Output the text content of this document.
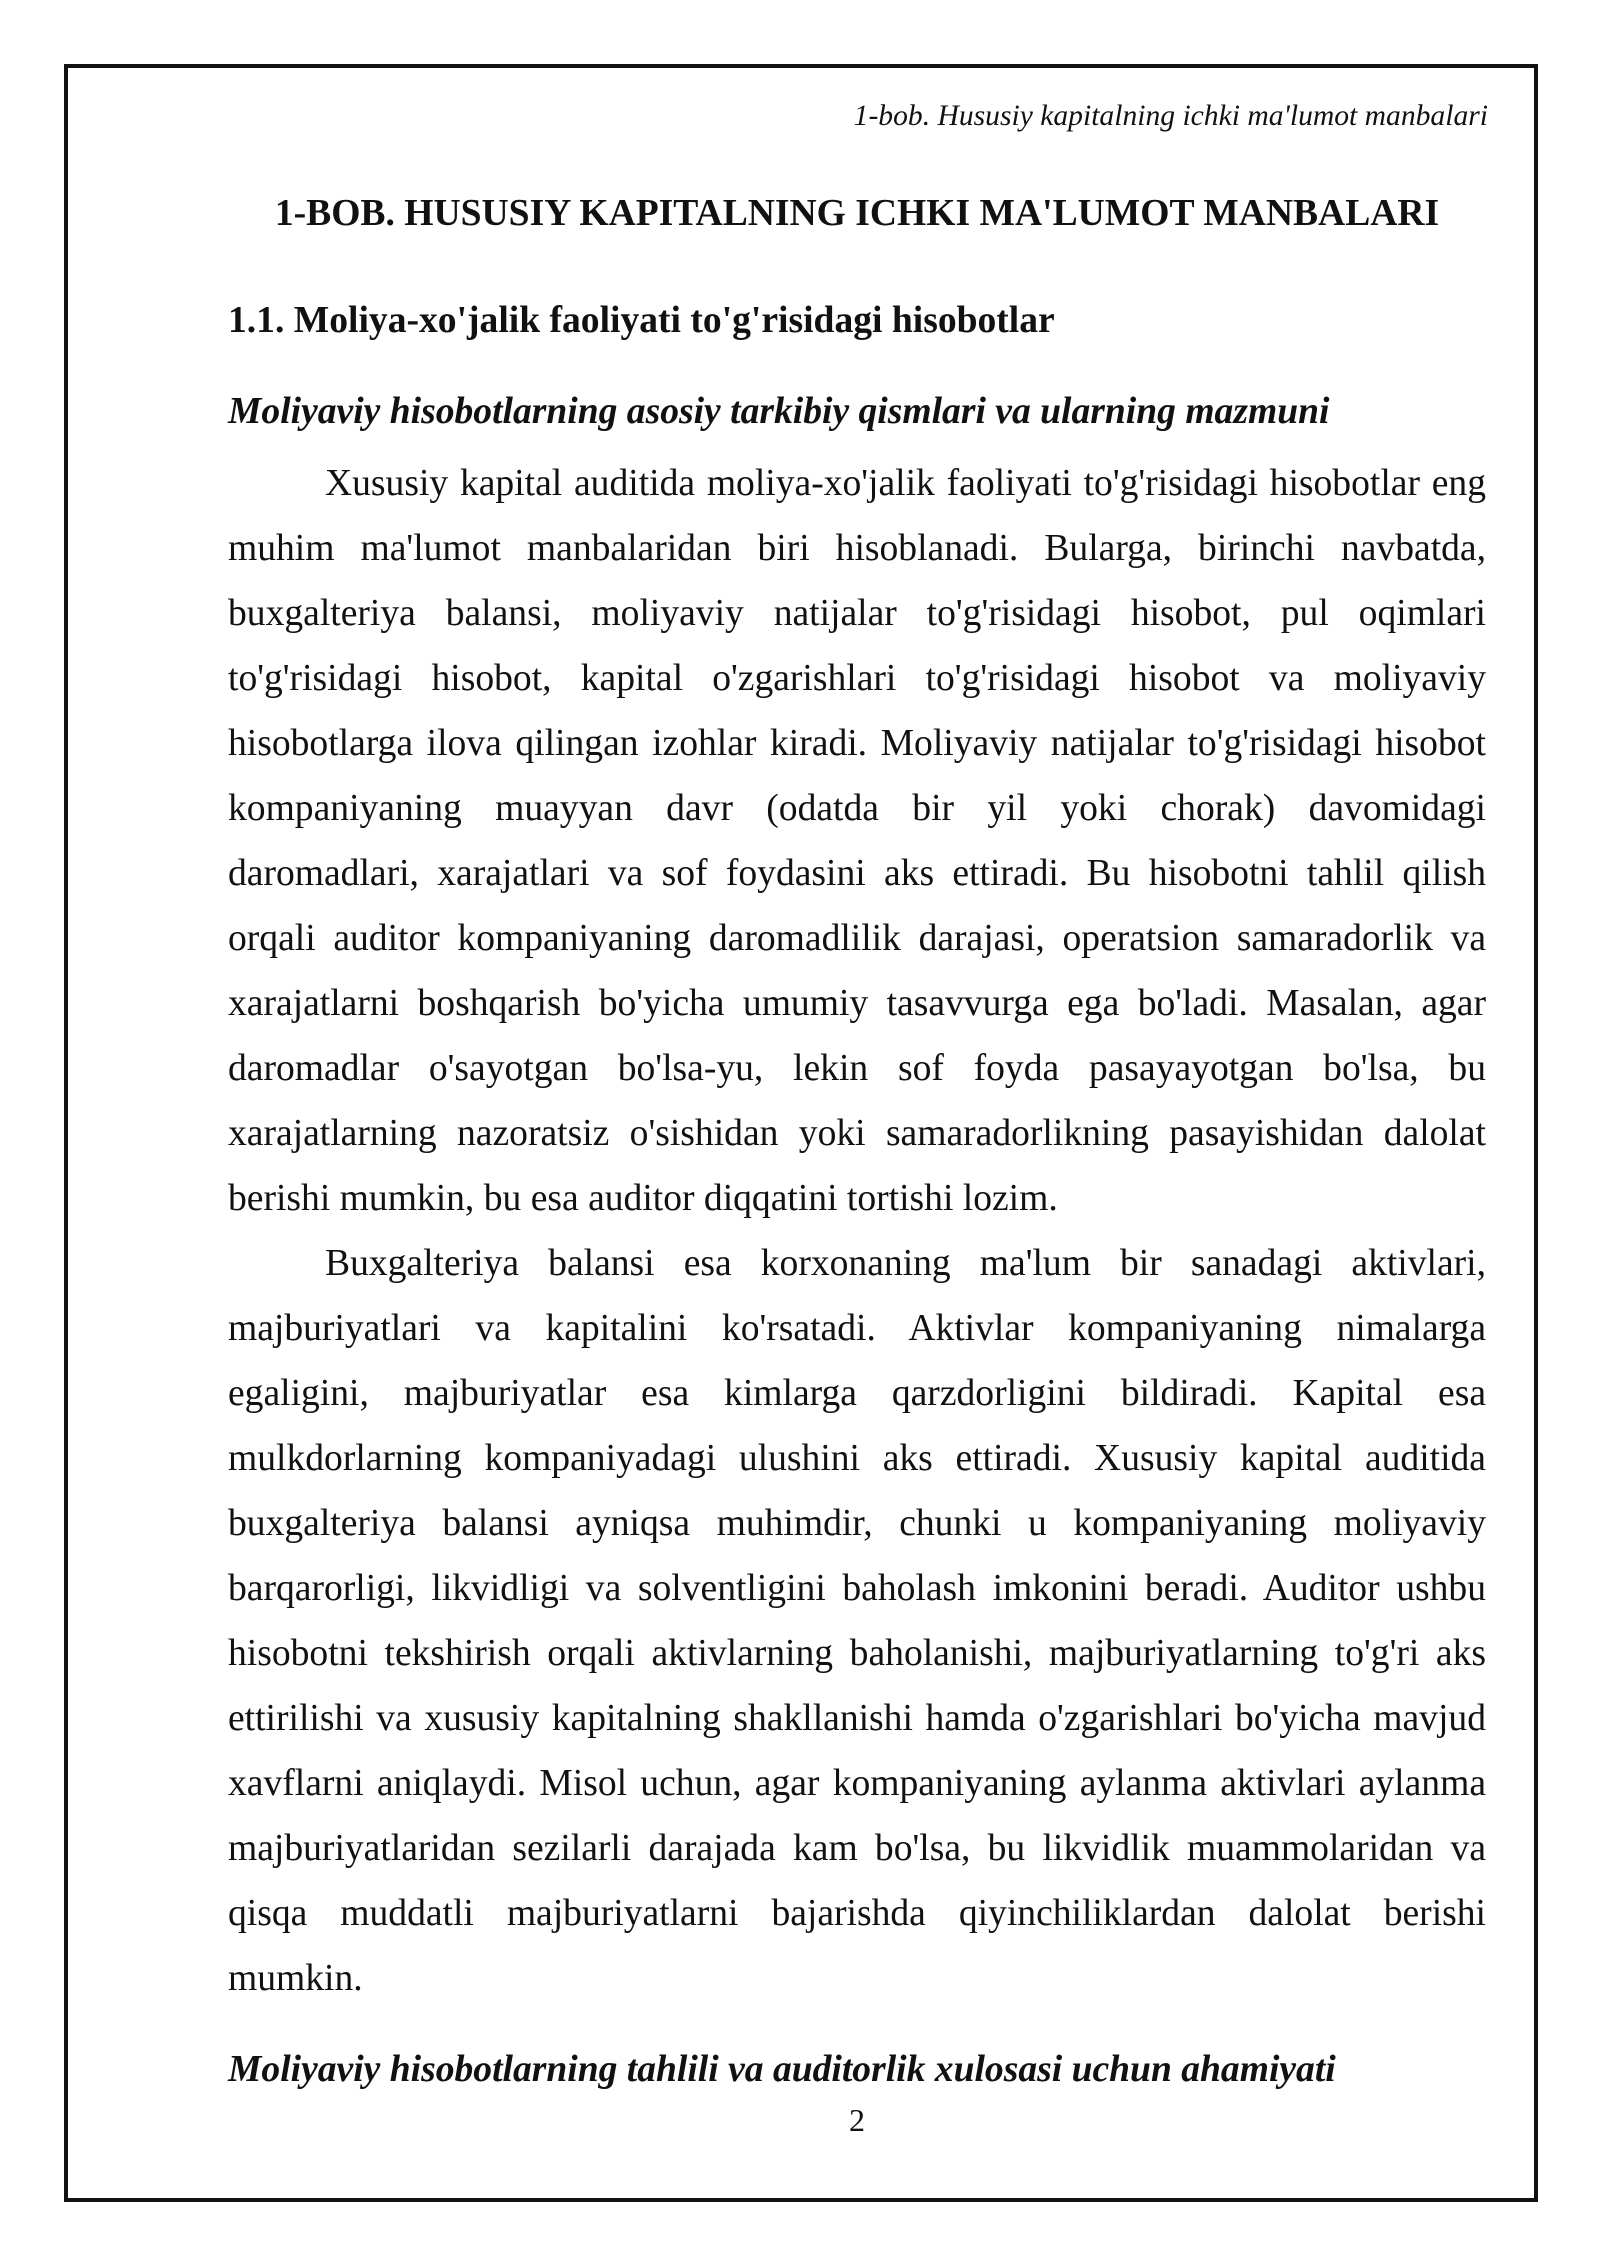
1-bob. Hususiy kapitalning ichki ma'lumot manbalari
1-BOB. HUSUSIY KAPITALNING ICHKI MA'LUMOT MANBALARI
1.1. Moliya-xo'jalik faoliyati to'g'risidagi hisobotlar
Moliyaviy hisobotlarning asosiy tarkibiy qismlari va ularning mazmuni
Xususiy kapital auditida moliya-xo'jalik faoliyati to'g'risidagi hisobotlar eng
muhim ma'lumot manbalaridan biri hisoblanadi. Bularga, birinchi navbatda,
buxgalteriya balansi, moliyaviy natijalar to'g'risidagi hisobot, pul oqimlari
to'g'risidagi hisobot, kapital o'zgarishlari to'g'risidagi hisobot va moliyaviy
hisobotlarga ilova qilingan izohlar kiradi. Moliyaviy natijalar to'g'risidagi hisobot
kompaniyaning muayyan davr (odatda bir yil yoki chorak) davomidagi
daromadlari, xarajatlari va sof foydasini aks ettiradi. Bu hisobotni tahlil qilish
orqali auditor kompaniyaning daromadlilik darajasi, operatsion samaradorlik va
xarajatlarni boshqarish bo'yicha umumiy tasavvurga ega bo'ladi. Masalan, agar
daromadlar o'sayotgan bo'lsa-yu, lekin sof foyda pasayayotgan bo'lsa, bu
xarajatlarning nazoratsiz o'sishidan yoki samaradorlikning pasayishidan dalolat
berishi mumkin, bu esa auditor diqqatini tortishi lozim.
Buxgalteriya balansi esa korxonaning ma'lum bir sanadagi aktivlari,
majburiyatlari va kapitalini ko'rsatadi. Aktivlar kompaniyaning nimalarga
egaligini, majburiyatlar esa kimlarga qarzdorligini bildiradi. Kapital esa
mulkdorlarning kompaniyadagi ulushini aks ettiradi. Xususiy kapital auditida
buxgalteriya balansi ayniqsa muhimdir, chunki u kompaniyaning moliyaviy
barqarorligi, likvidligi va solventligini baholash imkonini beradi. Auditor ushbu
hisobotni tekshirish orqali aktivlarning baholanishi, majburiyatlarning to'g'ri aks
ettirilishi va xususiy kapitalning shakllanishi hamda o'zgarishlari bo'yicha mavjud
xavflarni aniqlaydi. Misol uchun, agar kompaniyaning aylanma aktivlari aylanma
majburiyatlaridan sezilarli darajada kam bo'lsa, bu likvidlik muammolaridan va
qisqa muddatli majburiyatlarni bajarishda qiyinchiliklardan dalolat berishi
mumkin.
Moliyaviy hisobotlarning tahlili va auditorlik xulosasi uchun ahamiyati
2
